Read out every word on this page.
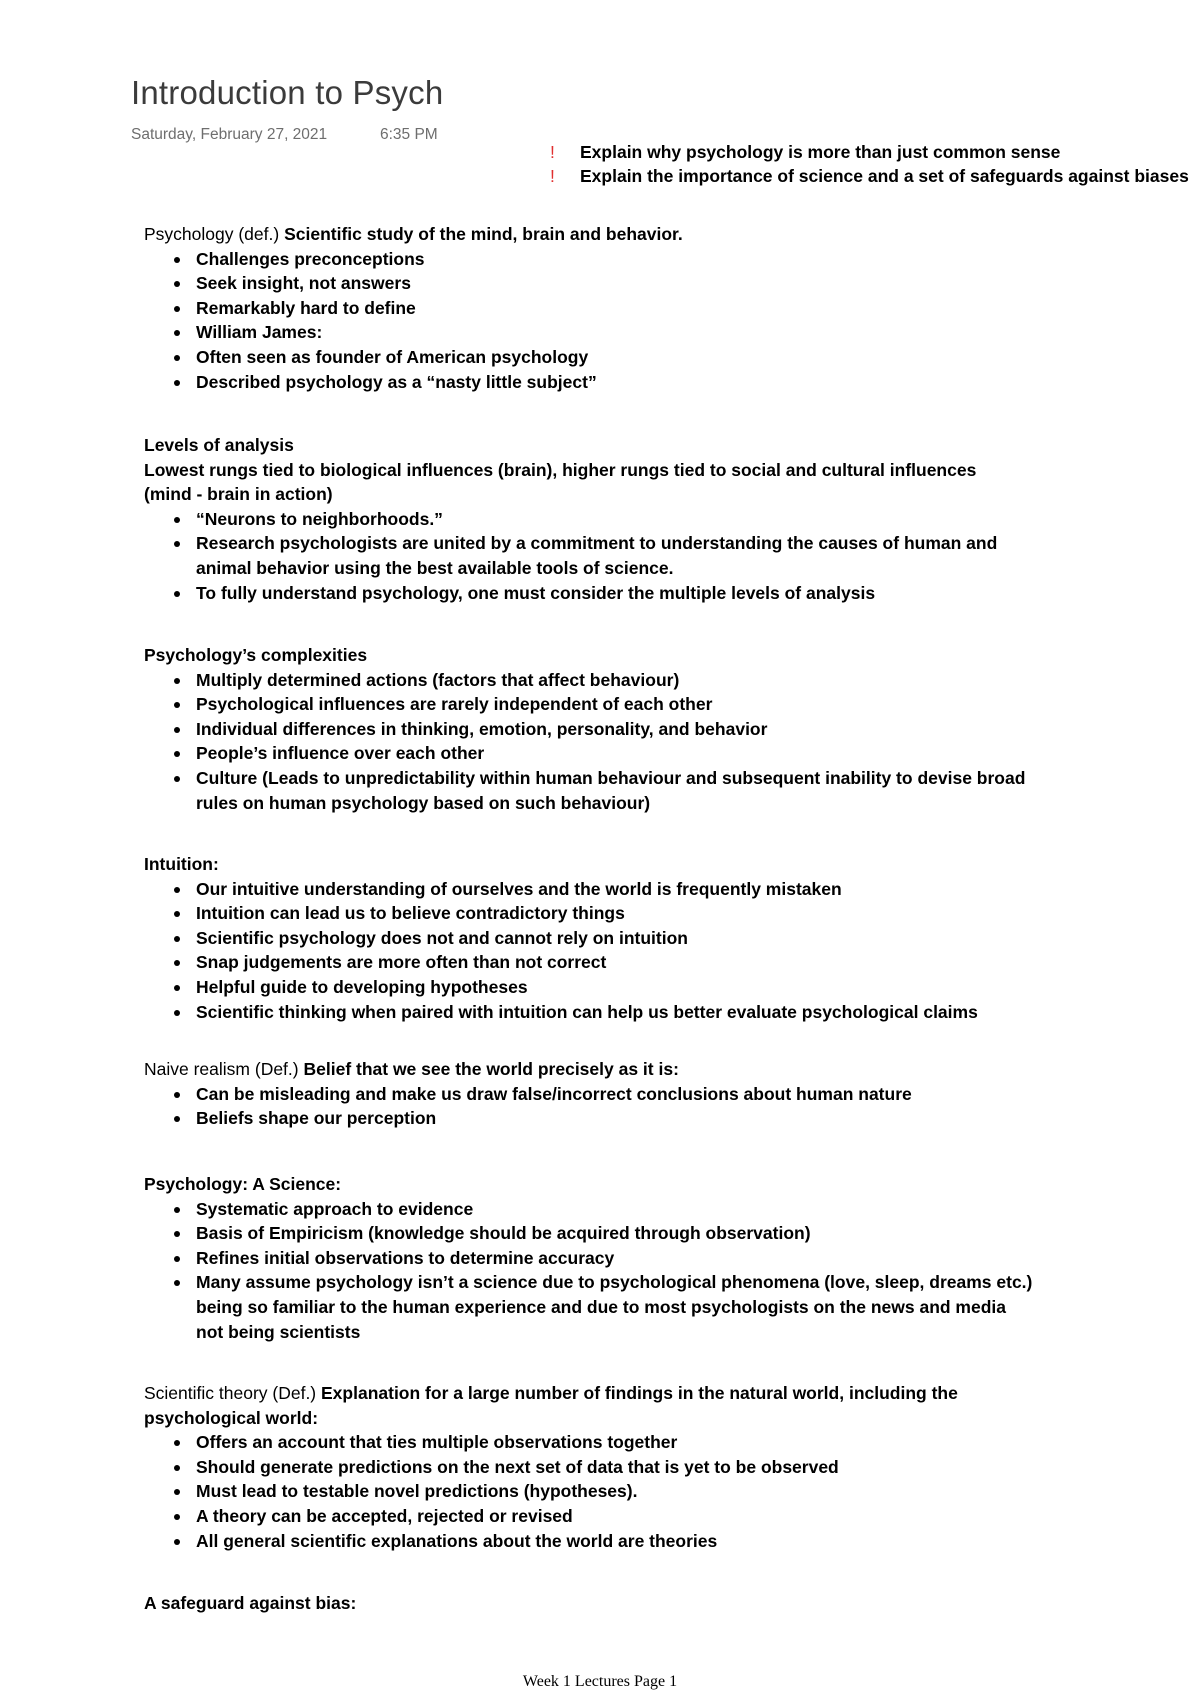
Introduction to Psych
Saturday, February 27, 2021	6:35 PM
! Explain why psychology is more than just common sense
! Explain the importance of science and a set of safeguards against biases
Psychology (def.) Scientific study of the mind, brain and behavior.
Challenges preconceptions
Seek insight, not answers
Remarkably hard to define
William James:
Often seen as founder of American psychology
Described psychology as a “nasty little subject”
Levels of analysis
Lowest rungs tied to biological influences (brain), higher rungs tied to social and cultural influences
(mind - brain in action)
“Neurons to neighborhoods.”
Research psychologists are united by a commitment to understanding the causes of human and animal behavior using the best available tools of science.
To fully understand psychology, one must consider the multiple levels of analysis
Psychology’s complexities
Multiply determined actions (factors that affect behaviour)
Psychological influences are rarely independent of each other
Individual differences in thinking, emotion, personality, and behavior
People’s influence over each other
Culture (Leads to unpredictability within human behaviour and subsequent inability to devise broad rules on human psychology based on such behaviour)
Intuition:
Our intuitive understanding of ourselves and the world is frequently mistaken
Intuition can lead us to believe contradictory things
Scientific psychology does not and cannot rely on intuition
Snap judgements are more often than not correct
Helpful guide to developing hypotheses
Scientific thinking when paired with intuition can help us better evaluate psychological claims
Naive realism (Def.) Belief that we see the world precisely as it is:
Can be misleading and make us draw false/incorrect conclusions about human nature
Beliefs shape our perception
Psychology: A Science:
Systematic approach to evidence
Basis of Empiricism (knowledge should be acquired through observation)
Refines initial observations to determine accuracy
Many assume psychology isn’t a science due to psychological phenomena (love, sleep, dreams etc.) being so familiar to the human experience and due to most psychologists on the news and media not being scientists
Scientific theory (Def.) Explanation for a large number of findings in the natural world, including the psychological world:
Offers an account that ties multiple observations together
Should generate predictions on the next set of data that is yet to be observed
Must lead to testable novel predictions (hypotheses).
A theory can be accepted, rejected or revised
All general scientific explanations about the world are theories
A safeguard against bias:
Week 1 Lectures Page 1
